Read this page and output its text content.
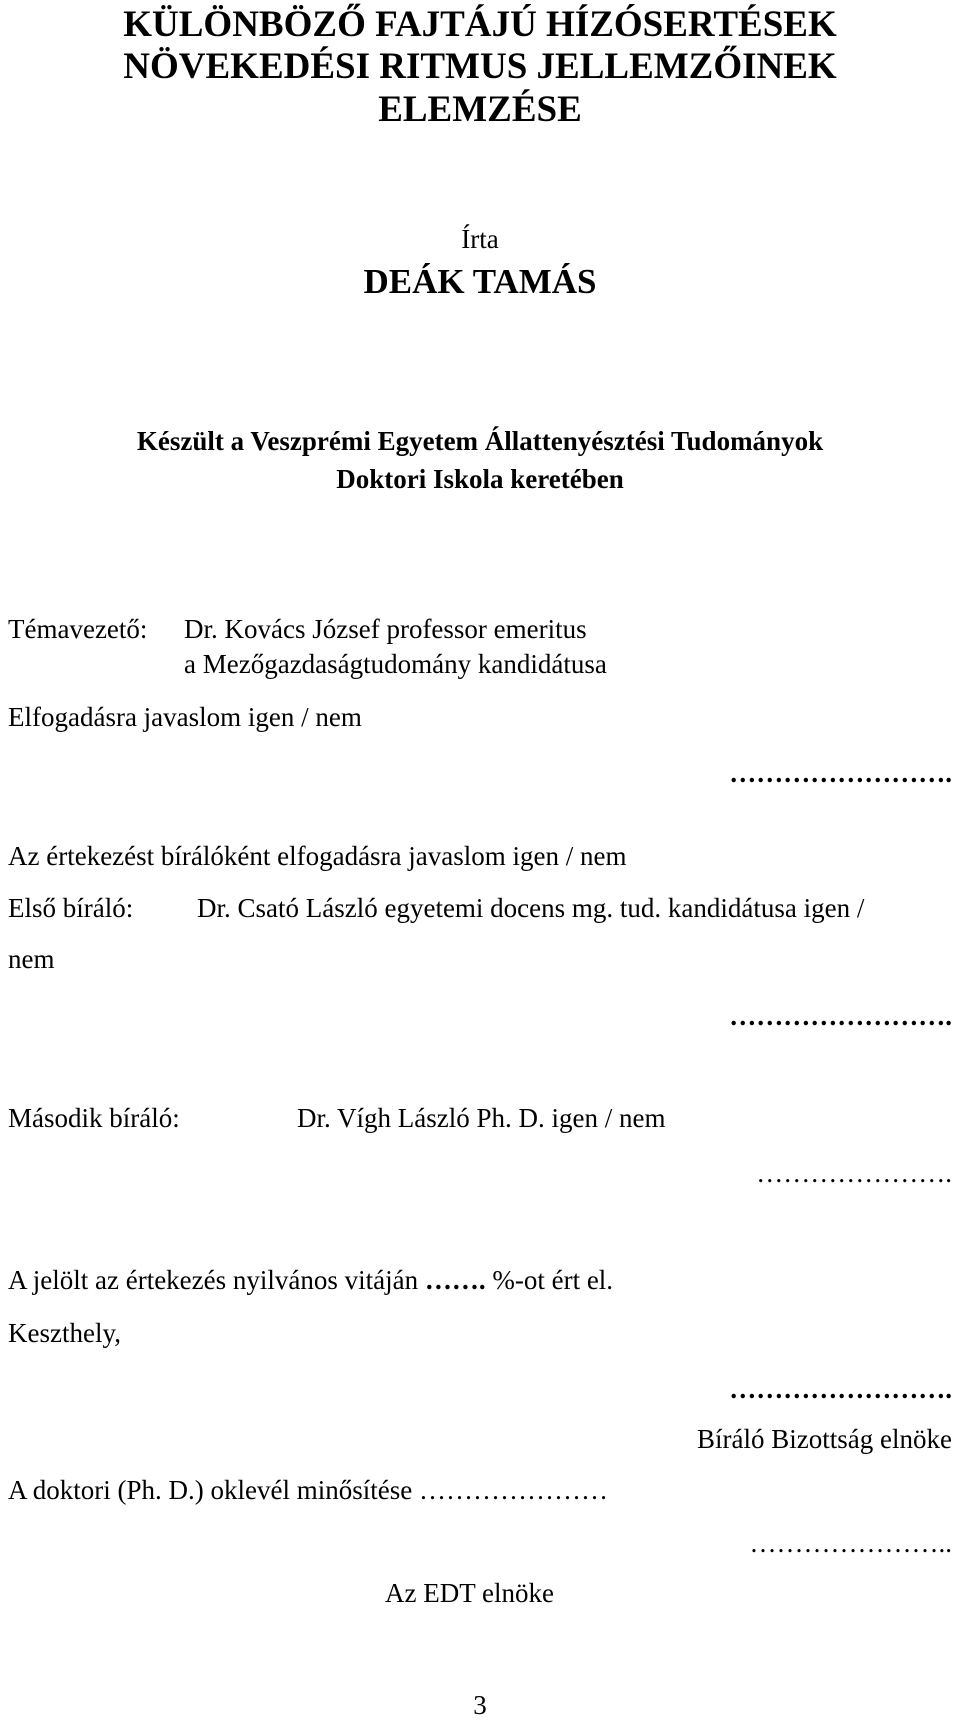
KÜLÖNBÖZŐ FAJTÁJÚ HÍZÓSERTÉSEK
NÖVEKEDÉSI RITMUS JELLEMZŐINEK
ELEMZÉSE
Írta
DEÁK TAMÁS
Készült a Veszprémi Egyetem Állattenyésztési Tudományok
Doktori Iskola keretében
Témavezető: Dr. Kovács József professor emeritus
a Mezőgazdaságtudomány kandidátusa
Elfogadásra javaslom igen / nem
…………………….
Az értekezést bírálóként elfogadásra javaslom igen / nem
Első bíráló: Dr. Csató László egyetemi docens mg. tud. kandidátusa igen /
nem
…………………….
Második bíráló:	Dr. Vígh László Ph. D. igen / nem
………………….
A jelölt az értekezés nyilvános vitáján ……. %-ot ért el.
Keszthely,
…………………….
Bíráló Bizottság elnöke
A doktori (Ph. D.) oklevél minősítése …………………
…………………..
Az EDT elnöke
3
